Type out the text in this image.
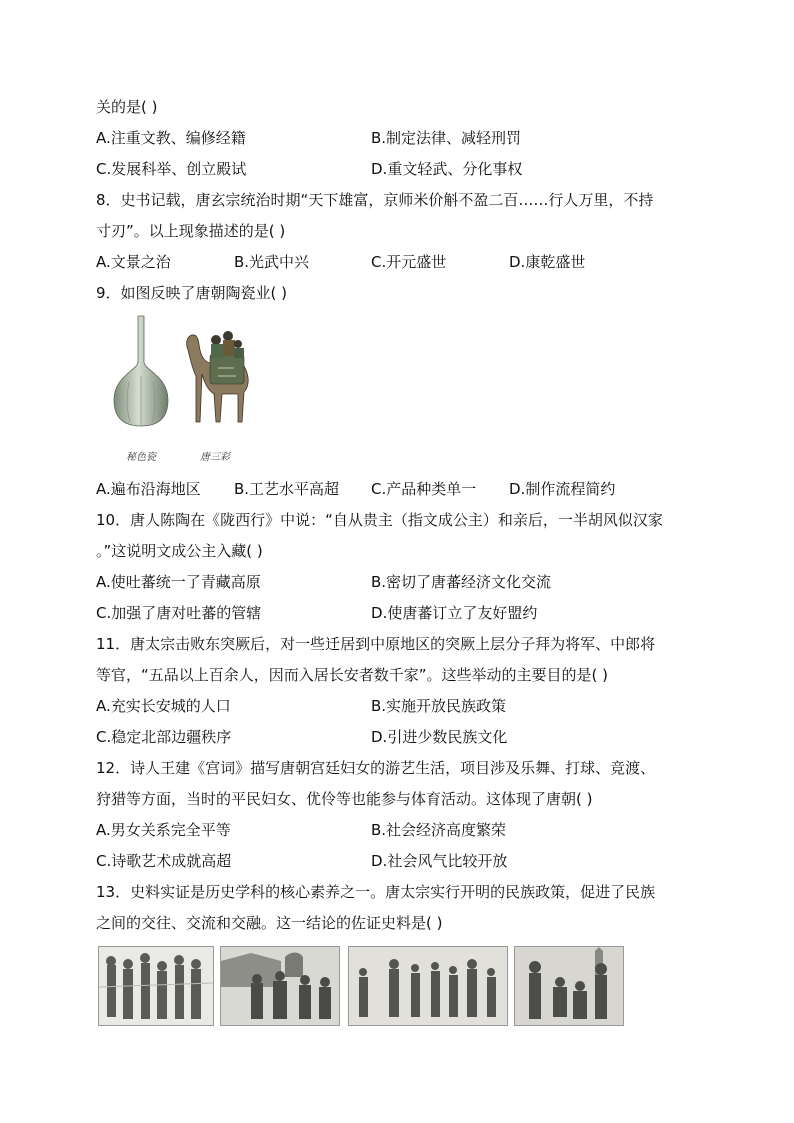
关的是( )
A.注重文教、编修经籍	B.制定法律、减轻刑罚
C.发展科举、创立殿试	D.重文轻武、分化事权
8．史书记载，唐玄宗统治时期“天下雄富，京师米价斛不盈二百……行人万里，不持
寸刃”。以上现象描述的是( )
A.文景之治	B.光武中兴	C.开元盛世	D.康乾盛世
9．如图反映了唐朝陶瓷业( )
秘色瓷	唐三彩
A.遍布沿海地区 B.工艺水平高超 C.产品种类单一 D.制作流程简约
10．唐人陈陶在《陇西行》中说：“自从贵主（指文成公主）和亲后，一半胡风似汉家
。”这说明文成公主入藏( )
A.使吐蕃统一了青藏高原	B.密切了唐蕃经济文化交流
C.加强了唐对吐蕃的管辖	D.使唐蕃订立了友好盟约
11．唐太宗击败东突厥后，对一些迁居到中原地区的突厥上层分子拜为将军、中郎将
等官，“五品以上百余人，因而入居长安者数千家”。这些举动的主要目的是( )
A.充实长安城的人口	B.实施开放民族政策
C.稳定北部边疆秩序	D.引进少数民族文化
12．诗人王建《宫词》描写唐朝宫廷妇女的游艺生活，项目涉及乐舞、打球、竞渡、
狩猎等方面，当时的平民妇女、优伶等也能参与体育活动。这体现了唐朝( )
A.男女关系完全平等	B.社会经济高度繁荣
C.诗歌艺术成就高超	D.社会风气比较开放
13．史料实证是历史学科的核心素养之一。唐太宗实行开明的民族政策，促进了民族
之间的交往、交流和交融。这一结论的佐证史料是( )
